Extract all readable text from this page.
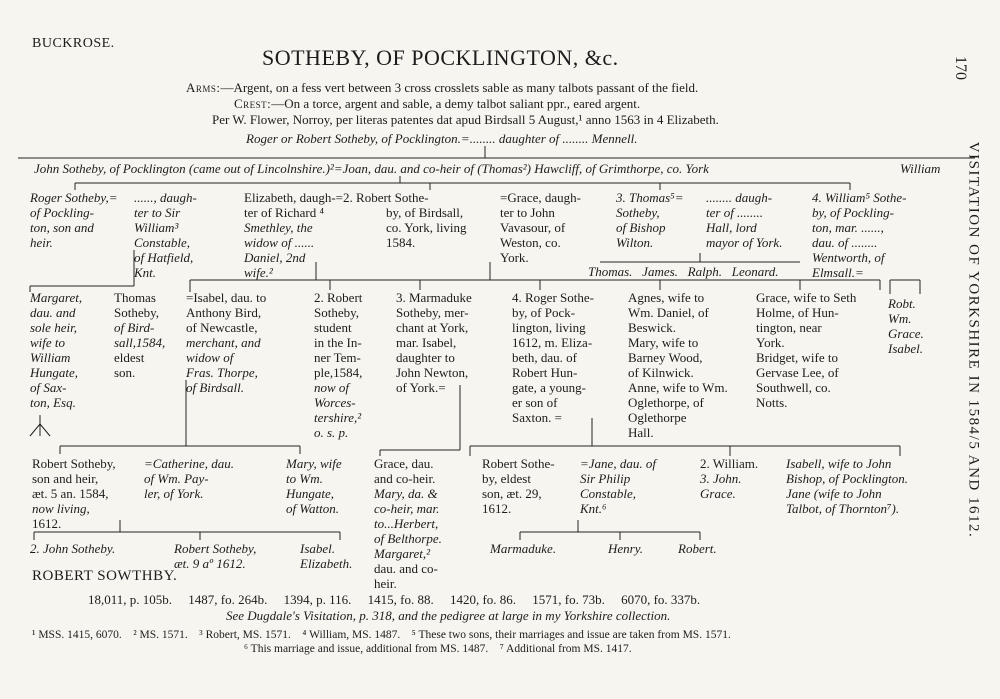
BUCKROSE.
SOTHEBY, OF POCKLINGTON, &c.	170
VISITATION OF YORKSHIRE IN 1584/5 AND 1612.
Arms:—Argent, on a fess vert between 3 cross crosslets sable as many talbots passant of the field.
Crest:—On a torce, argent and sable, a demy talbot saliant ppr., eared argent.
Per W. Flower, Norroy, per literas patentes dat apud Birdsall 5 August,¹ anno 1563 in 4 Elizabeth.
Roger or Robert Sotheby, of Pocklington.=........ daughter of ........ Mennell.
John Sotheby, of Pocklington (came out of Lincolnshire.)²=Joan, dau. and co-heir of (Thomas²) Hawcliff, of Grimthorpe, co. York	William
Roger Sotheby,=
of Pockling-
ton, son and
heir.
......, daugh-
ter to Sir
William³
Constable,
of Hatfield,
Knt.
Elizabeth, daugh-=2. Robert Sothe-
ter of Richard ⁴
Smethley, the
widow of ......
Daniel, 2nd
wife.²
by, of Birdsall,
co. York, living
1584.
=Grace, daugh-
ter to John
Vavasour, of
Weston, co.
York.
3. Thomas⁵=
Sotheby,
of Bishop
Wilton.
........ daugh-
ter of ........
Hall, lord
mayor of York.
Thomas.   James.   Ralph.   Leonard.
4. William⁵ Sothe-
by, of Pockling-
ton, mar. ......,
dau. of ........
Wentworth, of
Elmsall.=
Margaret,
dau. and
sole heir,
wife to
William
Hungate,
of Sax-
ton, Esq.
Thomas
Sotheby,
of Bird-
sall,1584,
eldest
son.
=Isabel, dau. to
Anthony Bird,
of Newcastle,
merchant, and
widow of
Fras. Thorpe,
of Birdsall.
2. Robert
Sotheby,
student
in the In-
ner Tem-
ple,1584,
now of
Worces-
tershire,²
o. s. p.
3. Marmaduke
Sotheby, mer-
chant at York,
mar. Isabel,
daughter to
John Newton,
of York.=
4. Roger Sothe-
by, of Pock-
lington, living
1612, m. Eliza-
beth, dau. of
Robert Hun-
gate, a young-
er son of
Saxton. =
Agnes, wife to
Wm. Daniel, of
Beswick.
Mary, wife to
Barney Wood,
of Kilnwick.
Anne, wife to Wm.
Oglethorpe, of
Oglethorpe
Hall.
Grace, wife to Seth
Holme, of Hun-
tington, near
York.
Bridget, wife to
Gervase Lee, of
Southwell, co.
Notts.
Robt.
Wm.
Grace.
Isabel.
Robert Sotheby,
son and heir,
æt. 5 an. 1584,
now living,
1612.
=Catherine, dau.
of Wm. Pay-
ler, of York.
Mary, wife
to Wm.
Hungate,
of Watton.
Grace, dau.
and co-heir.
Mary, da. &
co-heir, mar.
to...Herbert,
of Belthorpe.
Margaret,²
dau. and co-
heir.
Robert Sothe-
by, eldest
son, æt. 29,
1612.
=Jane, dau. of
Sir Philip
Constable,
Knt.⁶
2. William.
3. John.
Grace.
Isabell, wife to John
Bishop, of Pocklington.
Jane (wife to John
Talbot, of Thornton⁷).
2. John Sotheby.	Robert Sotheby,
æt. 9 aº 1612.
Isabel.
Elizabeth.
Marmaduke.	Henry.	Robert.
ROBERT SOWTHBY.
18,011, p. 105b.     1487, fo. 264b.     1394, p. 116.     1415, fo. 88.     1420, fo. 86.     1571, fo. 73b.     6070, fo. 337b.
See Dugdale's Visitation, p. 318, and the pedigree at large in my Yorkshire collection.
¹ MSS. 1415, 6070.    ² MS. 1571.    ³ Robert, MS. 1571.    ⁴ William, MS. 1487.    ⁵ These two sons, their marriages and issue are taken from MS. 1571.
⁶ This marriage and issue, additional from MS. 1487.    ⁷ Additional from MS. 1417.
